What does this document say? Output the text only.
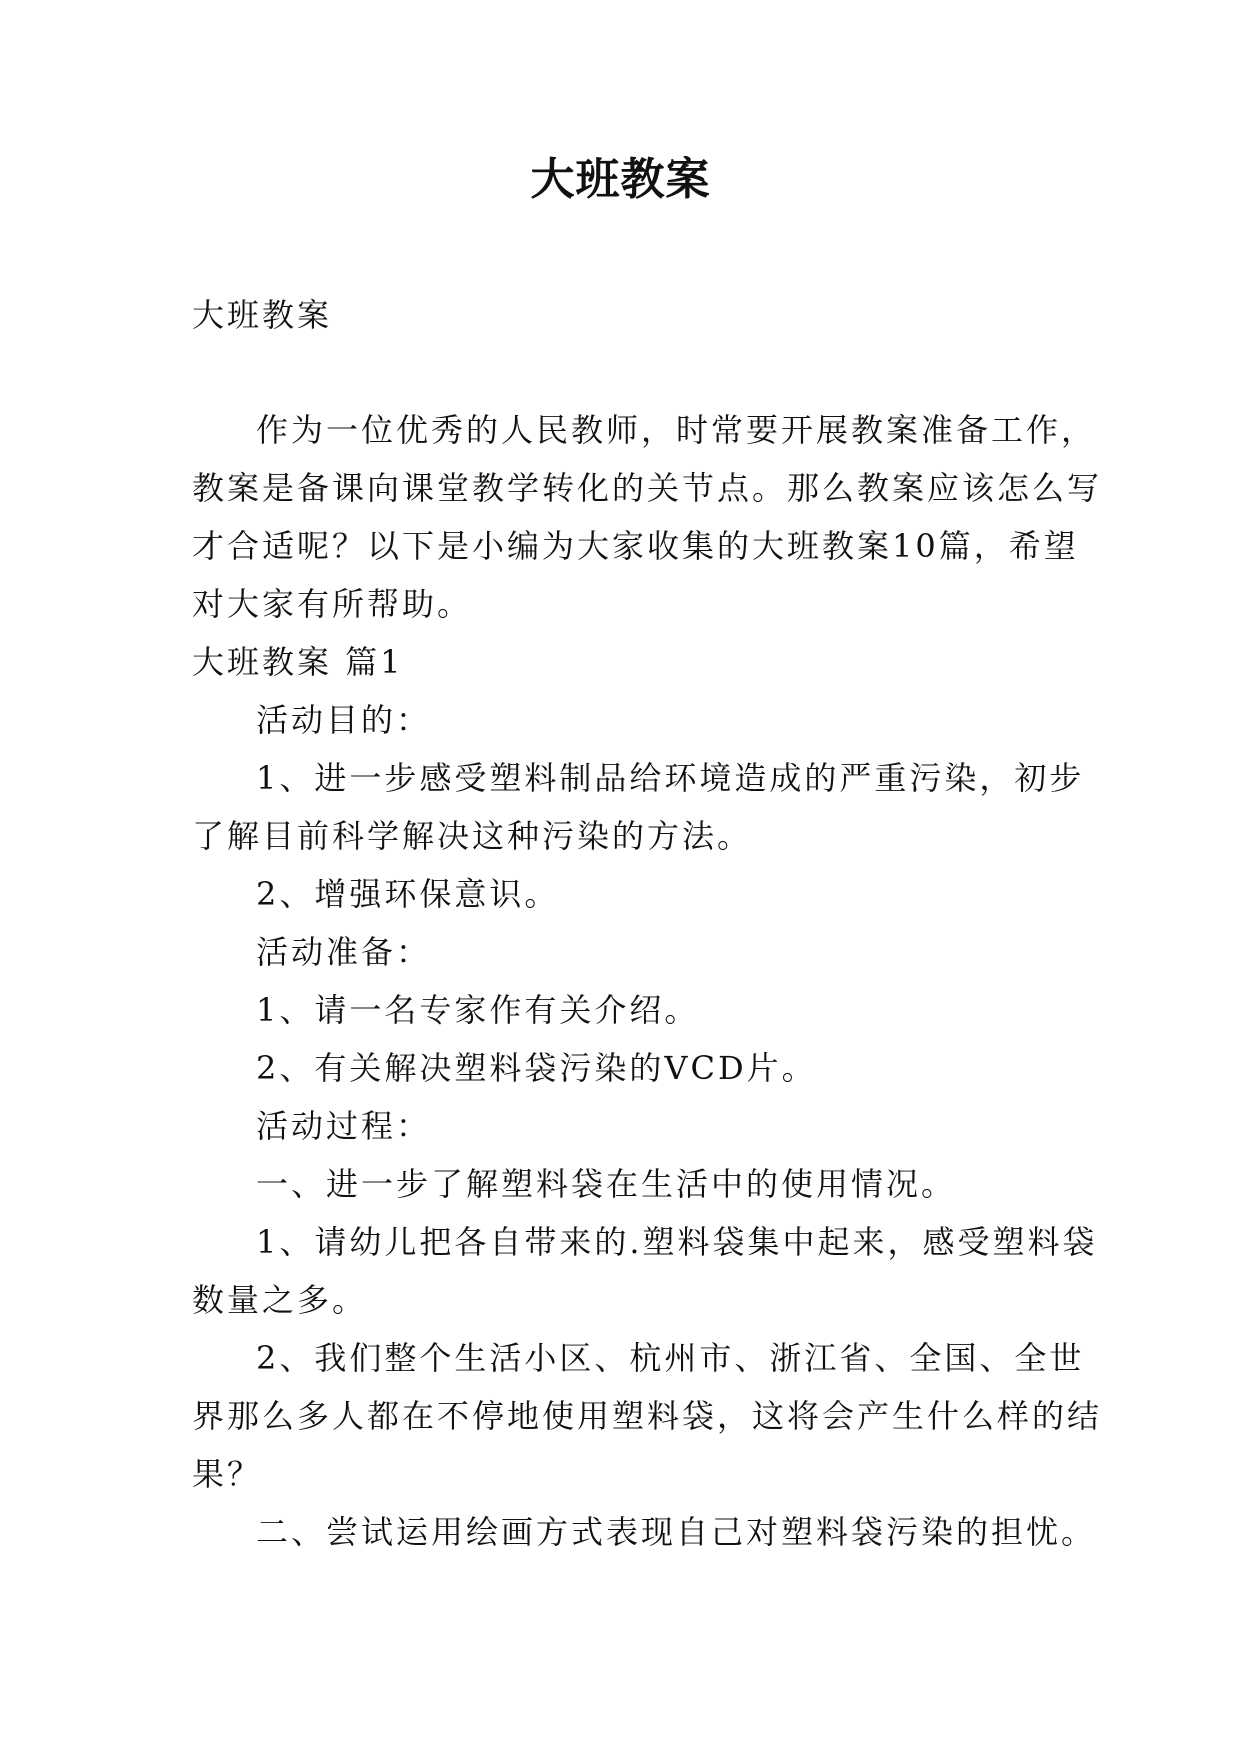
大班教案

大班教案

作为一位优秀的人民教师，时常要开展教案准备工作，

教案是备课向课堂教学转化的关节点。那么教案应该怎么写

才合适呢？以下是小编为大家收集的大班教案10篇，希望

对大家有所帮助。

大班教案 篇1

活动目的：

1、进一步感受塑料制品给环境造成的严重污染，初步

了解目前科学解决这种污染的方法。

2、增强环保意识。

活动准备：

1、请一名专家作有关介绍。

2、有关解决塑料袋污染的VCD片。

活动过程：

一、进一步了解塑料袋在生活中的使用情况。

1、请幼儿把各自带来的.塑料袋集中起来，感受塑料袋

数量之多。

2、我们整个生活小区、杭州市、浙江省、全国、全世

界那么多人都在不停地使用塑料袋，这将会产生什么样的结

果？

二、尝试运用绘画方式表现自己对塑料袋污染的担忧。
